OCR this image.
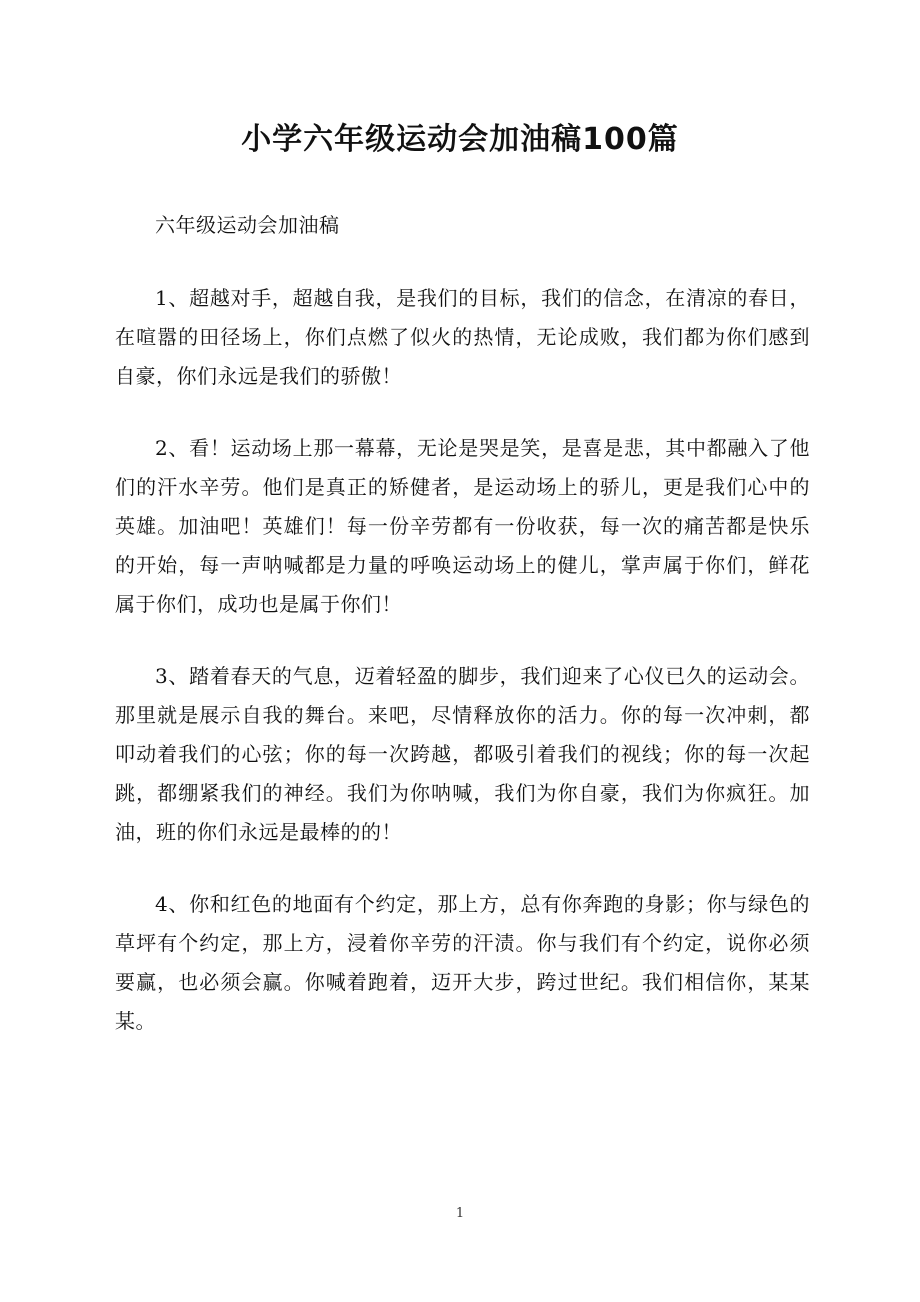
小学六年级运动会加油稿100篇

六年级运动会加油稿

1、超越对手，超越自我，是我们的目标，我们的信念，在清凉的春日，在喧嚣的田径场上，你们点燃了似火的热情，无论成败，我们都为你们感到自豪，你们永远是我们的骄傲！

2、看！运动场上那一幕幕，无论是哭是笑，是喜是悲，其中都融入了他们的汗水辛劳。他们是真正的矫健者，是运动场上的骄儿，更是我们心中的英雄。加油吧！英雄们！每一份辛劳都有一份收获，每一次的痛苦都是快乐的开始，每一声呐喊都是力量的呼唤运动场上的健儿，掌声属于你们，鲜花属于你们，成功也是属于你们！

3、踏着春天的气息，迈着轻盈的脚步，我们迎来了心仪已久的运动会。那里就是展示自我的舞台。来吧，尽情释放你的活力。你的每一次冲刺，都叩动着我们的心弦；你的每一次跨越，都吸引着我们的视线；你的每一次起跳，都绷紧我们的神经。我们为你呐喊，我们为你自豪，我们为你疯狂。加油，班的你们永远是最棒的的！

4、你和红色的地面有个约定，那上方，总有你奔跑的身影；你与绿色的草坪有个约定，那上方，浸着你辛劳的汗渍。你与我们有个约定，说你必须要赢，也必须会赢。你喊着跑着，迈开大步，跨过世纪。我们相信你，某某某。

1
